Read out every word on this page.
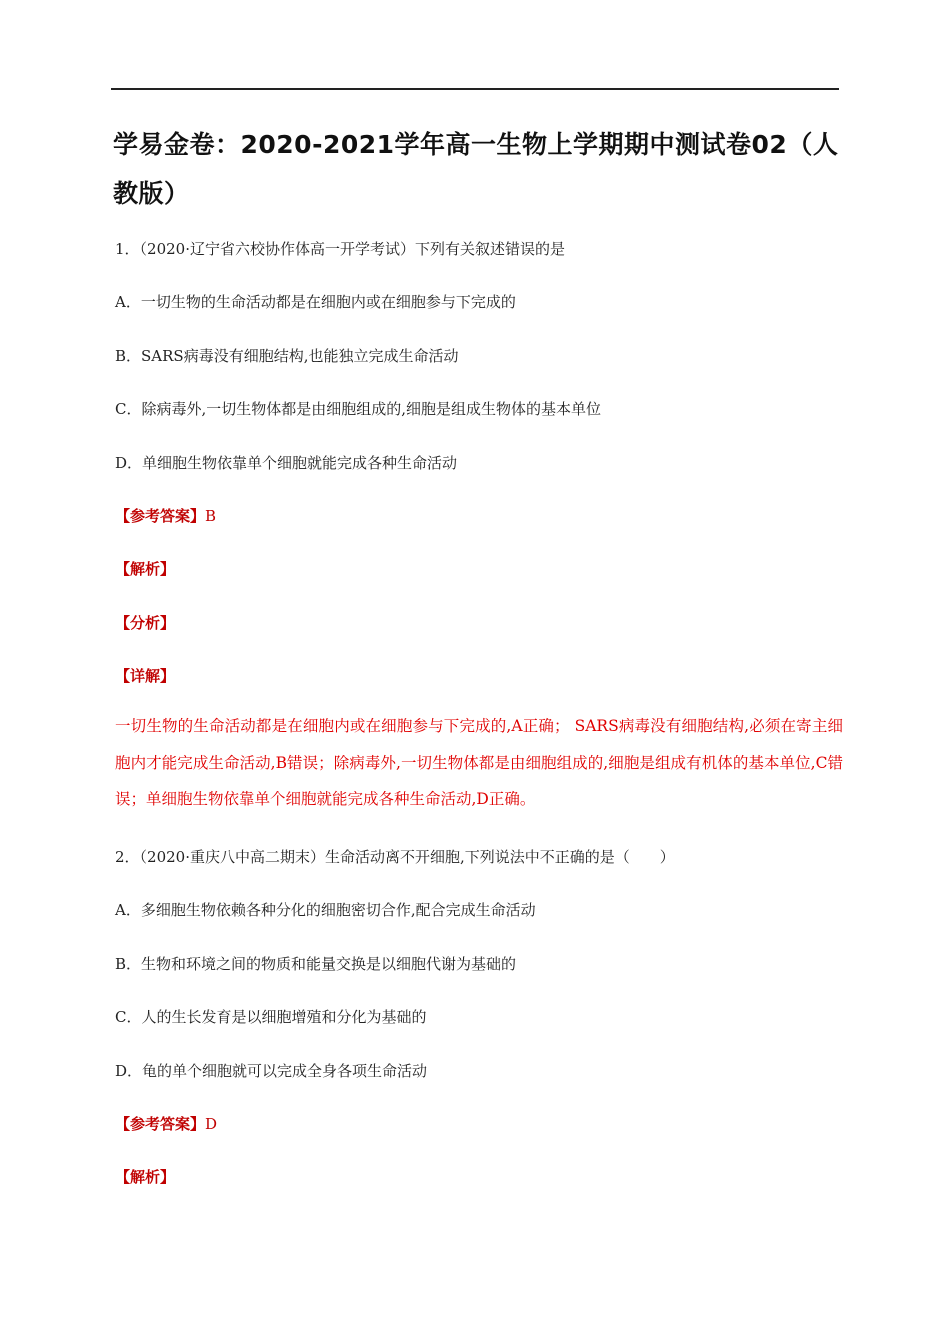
学易金卷：2020-2021学年高一生物上学期期中测试卷02（人教版）
1．（2020·辽宁省六校协作体高一开学考试）下列有关叙述错误的是
A．一切生物的生命活动都是在细胞内或在细胞参与下完成的
B．SARS病毒没有细胞结构,也能独立完成生命活动
C．除病毒外,一切生物体都是由细胞组成的,细胞是组成生物体的基本单位
D．单细胞生物依靠单个细胞就能完成各种生命活动
【参考答案】B
【解析】
【分析】
【详解】
一切生物的生命活动都是在细胞内或在细胞参与下完成的,A正确； SARS病毒没有细胞结构,必须在寄主细胞内才能完成生命活动,B错误；除病毒外,一切生物体都是由细胞组成的,细胞是组成有机体的基本单位,C错误；单细胞生物依靠单个细胞就能完成各种生命活动,D正确。
2．（2020·重庆八中高二期末）生命活动离不开细胞,下列说法中不正确的是（　　）
A．多细胞生物依赖各种分化的细胞密切合作,配合完成生命活动
B．生物和环境之间的物质和能量交换是以细胞代谢为基础的
C．人的生长发育是以细胞增殖和分化为基础的
D．龟的单个细胞就可以完成全身各项生命活动
【参考答案】D
【解析】
